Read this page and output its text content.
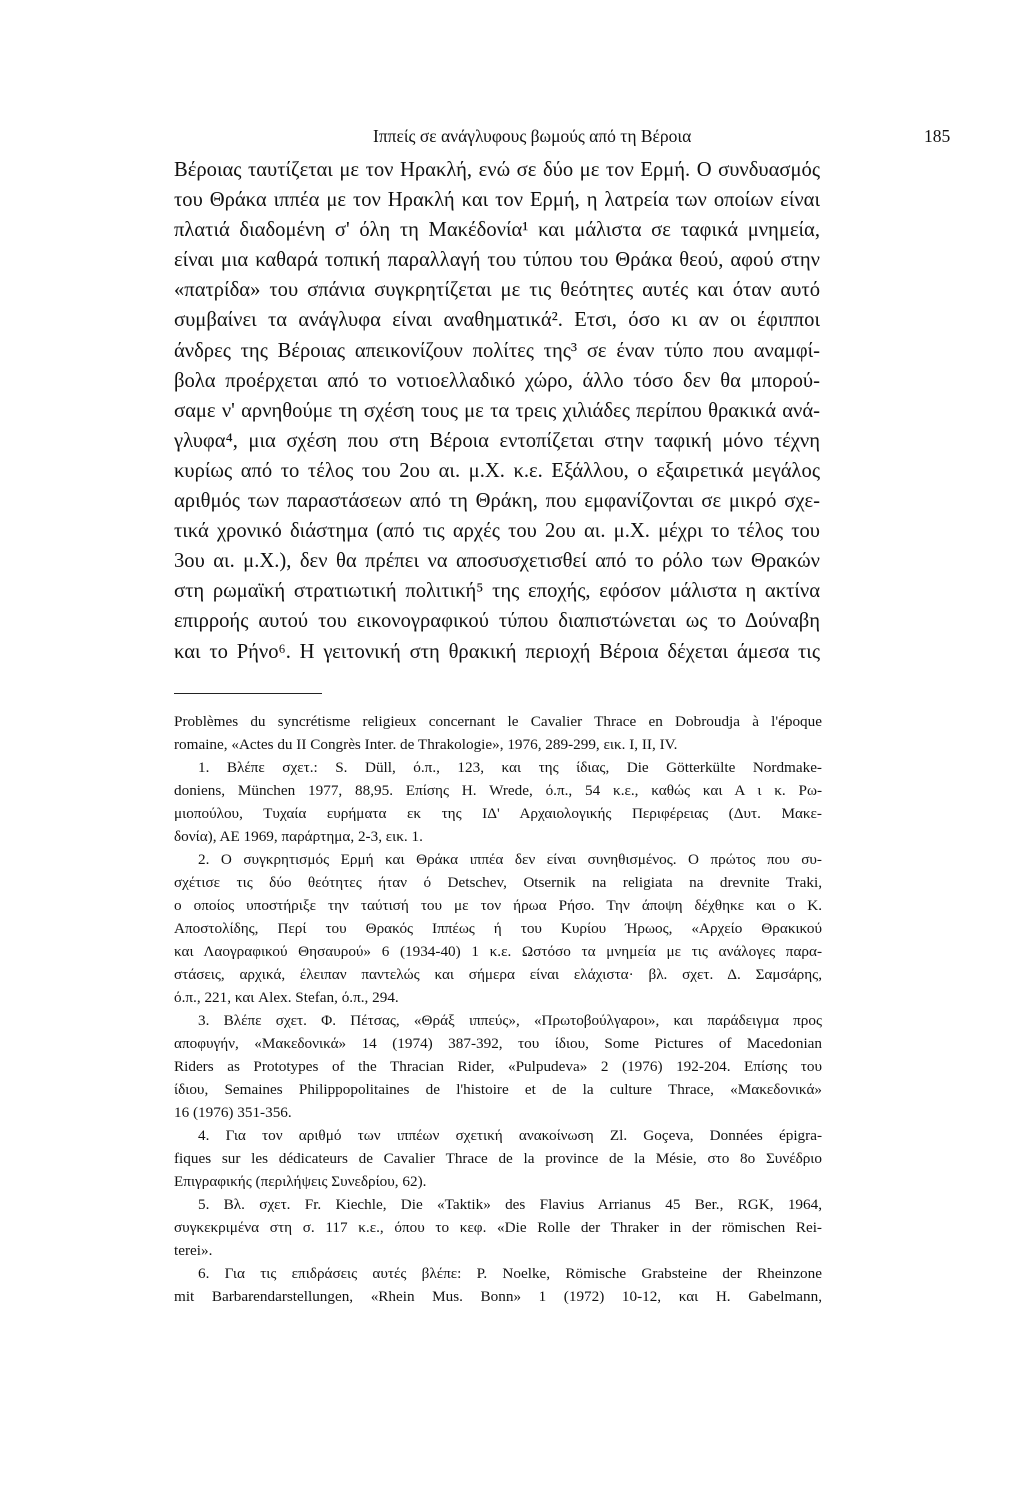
Ιππείς σε ανάγλυφους βωμούς από τη Βέροια	185
Βέροιας ταυτίζεται με τον Ηρακλή, ενώ σε δύο με τον Ερμή. Ο συνδυασμός
του Θράκα ιππέα με τον Ηρακλή και τον Ερμή, η λατρεία των οποίων είναι
πλατιά διαδομένη σ' όλη τη Μακέδονία¹ και μάλιστα σε ταφικά μνημεία,
είναι μια καθαρά τοπική παραλλαγή του τύπου του Θράκα θεού, αφού στην
«πατρίδα» του σπάνια συγκρητίζεται με τις θεότητες αυτές και όταν αυτό
συμβαίνει τα ανάγλυφα είναι αναθηματικά². Ετσι, όσο κι αν οι έφιπποι
άνδρες της Βέροιας απεικονίζουν πολίτες της³ σε έναν τύπο που αναμφί-
βολα προέρχεται από το νοτιοελλαδικό χώρο, άλλο τόσο δεν θα μπορού-
σαμε ν' αρνηθούμε τη σχέση τους με τα τρεις χιλιάδες περίπου θρακικά ανά-
γλυφα⁴, μια σχέση που στη Βέροια εντοπίζεται στην ταφική μόνο τέχνη
κυρίως από το τέλος του 2ου αι. μ.Χ. κ.ε. Εξάλλου, ο εξαιρετικά μεγάλος
αριθμός των παραστάσεων από τη Θράκη, που εμφανίζονται σε μικρό σχε-
τικά χρονικό διάστημα (από τις αρχές του 2ου αι. μ.Χ. μέχρι το τέλος του
3ου αι. μ.Χ.), δεν θα πρέπει να αποσυσχετισθεί από το ρόλο των Θρακών
στη ρωμαϊκή στρατιωτική πολιτική⁵ της εποχής, εφόσον μάλιστα η ακτίνα
επιρροής αυτού του εικονογραφικού τύπου διαπιστώνεται ως το Δούναβη
και το Ρήνο⁶. Η γειτονική στη θρακική περιοχή Βέροια δέχεται άμεσα τις
Problèmes du syncrétisme religieux concernant le Cavalier Thrace en Dobroudja à l'époque
romaine, «Actes du II Congrès Inter. de Thrakologie», 1976, 289-299, εικ. I, II, IV.
1. Βλέπε σχετ.: S. Düll, ό.π., 123, και της ίδιας, Die Götterkülte Nordmake-
doniens, München 1977, 88,95. Επίσης H. Wrede, ό.π., 54 κ.ε., καθώς και Α ι κ. Ρω-
μιοπούλου, Τυχαία ευρήματα εκ της ΙΔ' Αρχαιολογικής Περιφέρειας (Δυτ. Μακε-
δονία), ΑΕ 1969, παράρτημα, 2-3, εικ. 1.
2. Ο συγκρητισμός Ερμή και Θράκα ιππέα δεν είναι συνηθισμένος. Ο πρώτος που συ-
σχέτισε τις δύο θεότητες ήταν ό Detschev, Otsernik na religiata na drevnite Traki,
ο οποίος υποστήριξε την ταύτισή του με τον ήρωα Ρήσο. Την άποψη δέχθηκε και ο Κ.
Αποστολίδης, Περί του Θρακός Ιππέως ή του Κυρίου Ήρωος, «Αρχείο Θρακικού
και Λαογραφικού Θησαυρού» 6 (1934-40) 1 κ.ε. Ωστόσο τα μνημεία με τις ανάλογες παρα-
στάσεις, αρχικά, έλειπαν παντελώς και σήμερα είναι ελάχιστα· βλ. σχετ. Δ. Σαμσάρης,
ό.π., 221, και Alex. Stefan, ό.π., 294.
3. Βλέπε σχετ. Φ. Πέτσας, «Θράξ ιππεύς», «Πρωτοβούλγαροι», και παράδειγμα προς
αποφυγήν, «Μακεδονικά» 14 (1974) 387-392, του ίδιου, Some Pictures of Macedonian
Riders as Prototypes of the Thracian Rider, «Pulpudeva» 2 (1976) 192-204. Επίσης του
ίδιου, Semaines Philippopolitaines de l'histoire et de la culture Thrace, «Μακεδονικά»
16 (1976) 351-356.
4. Για τον αριθμό των ιππέων σχετική ανακοίνωση Zl. Goçeva, Données épigra-
fiques sur les dédicateurs de Cavalier Thrace de la province de la Mésie, στο 8ο Συνέδριο
Επιγραφικής (περιλήψεις Συνεδρίου, 62).
5. Βλ. σχετ. Fr. Kiechle, Die «Taktik» des Flavius Arrianus 45 Ber., RGK, 1964,
συγκεκριμένα στη σ. 117 κ.ε., όπου το κεφ. «Die Rolle der Thraker in der römischen Rei-
terei».
6. Για τις επιδράσεις αυτές βλέπε: P. Noelke, Römische Grabsteine der Rheinzone
mit Barbarendarstellungen, «Rhein Mus. Bonn» 1 (1972) 10-12, και H. Gabelmann,
